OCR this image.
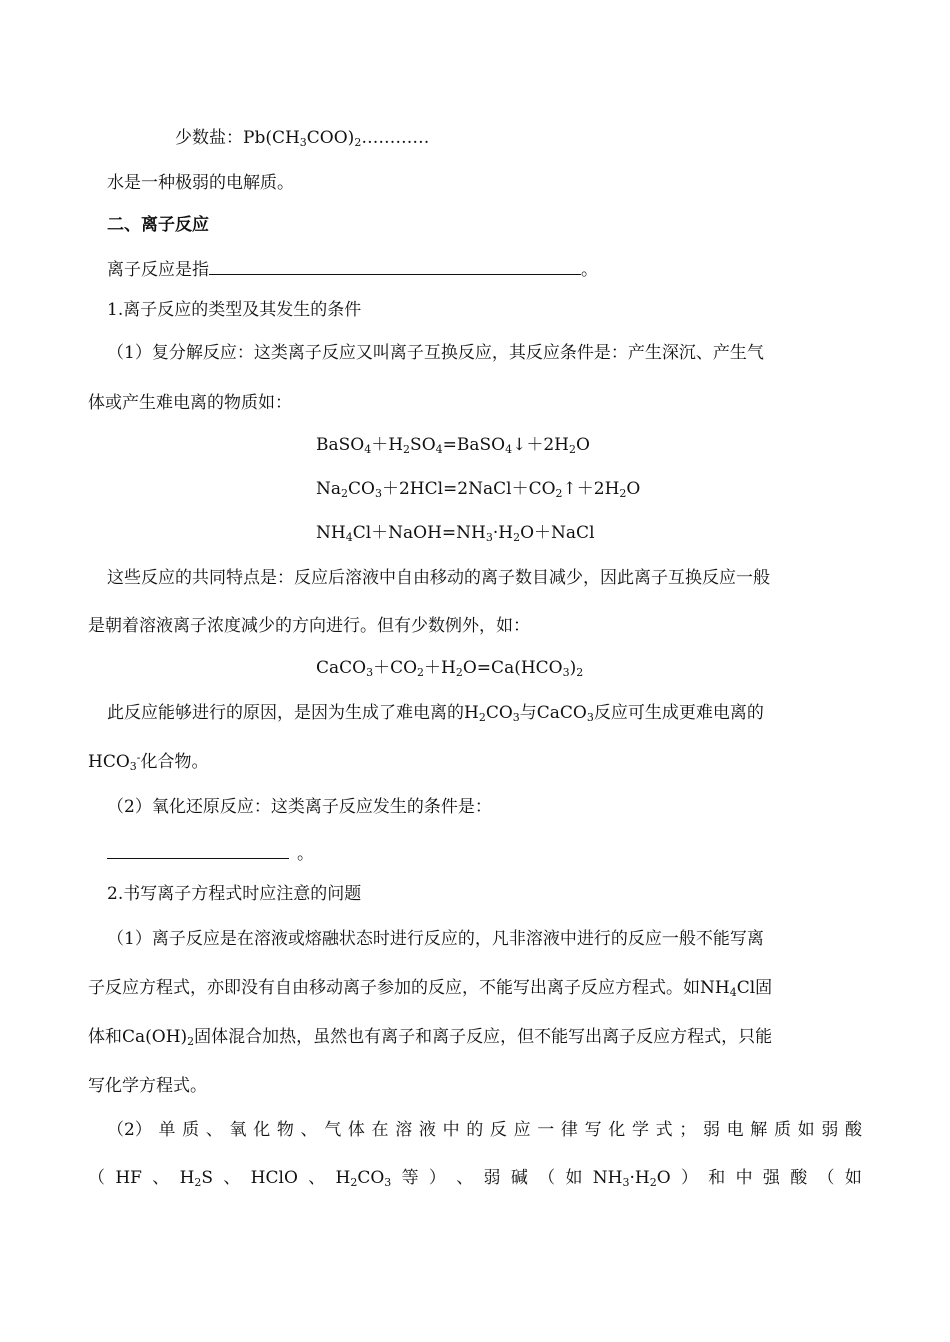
少数盐：$Pb(CH_3COO)_2\dots\dots\dots\dots$
水是一种极弱的电解质。
二、离子反应
离子反应是指	。
1.离子反应的类型及其发生的条件
（1）复分解反应：这类离子反应又叫离子互换反应，其反应条件是：产生深沉、产生气
体或产生难电离的物质如：
$BaSO_4+H_2SO_4=BaSO_4↓+2H_2O$
$Na_2CO_3+2HCl=2NaCl+CO_2↑+2H_2O$
$NH_4Cl+NaOH=NH_3\cdot H_2O+NaCl$
这些反应的共同特点是：反应后溶液中自由移动的离子数目减少，因此离子互换反应一般
是朝着溶液离子浓度减少的方向进行。但有少数例外，如：
$CaCO_3+CO_2+H_2O=Ca(HCO_3)_2$
此反应能够进行的原因，是因为生成了难电离的$H_2CO_3$与CaCO$_3$反应可生成更难电离的
$HCO_3^-$化合物。
（2）氧化还原反应：这类离子反应发生的条件是：
。
2.书写离子方程式时应注意的问题
（1）离子反应是在溶液或熔融状态时进行反应的，凡非溶液中进行的反应一般不能写离
子反应方程式，亦即没有自由移动离子参加的反应，不能写出离子反应方程式。如$NH_4Cl$固
体和$Ca(OH)_2$固体混合加热，虽然也有离子和离子反应，但不能写出离子反应方程式，只能
写化学方程式。
（2） 单 质 、 氧 化 物 、 气 体 在 溶 液 中 的 反 应 一 律 写 化 学 式 ； 弱 电 解 质 如 弱 酸
（ HF 、 $H_2S$ 、 HClO 、 $H_2CO_3$ 等 ） 、 弱 碱 （ 如 $NH_3\cdot H_2O$ ） 和 中 强 酸 （ 如
